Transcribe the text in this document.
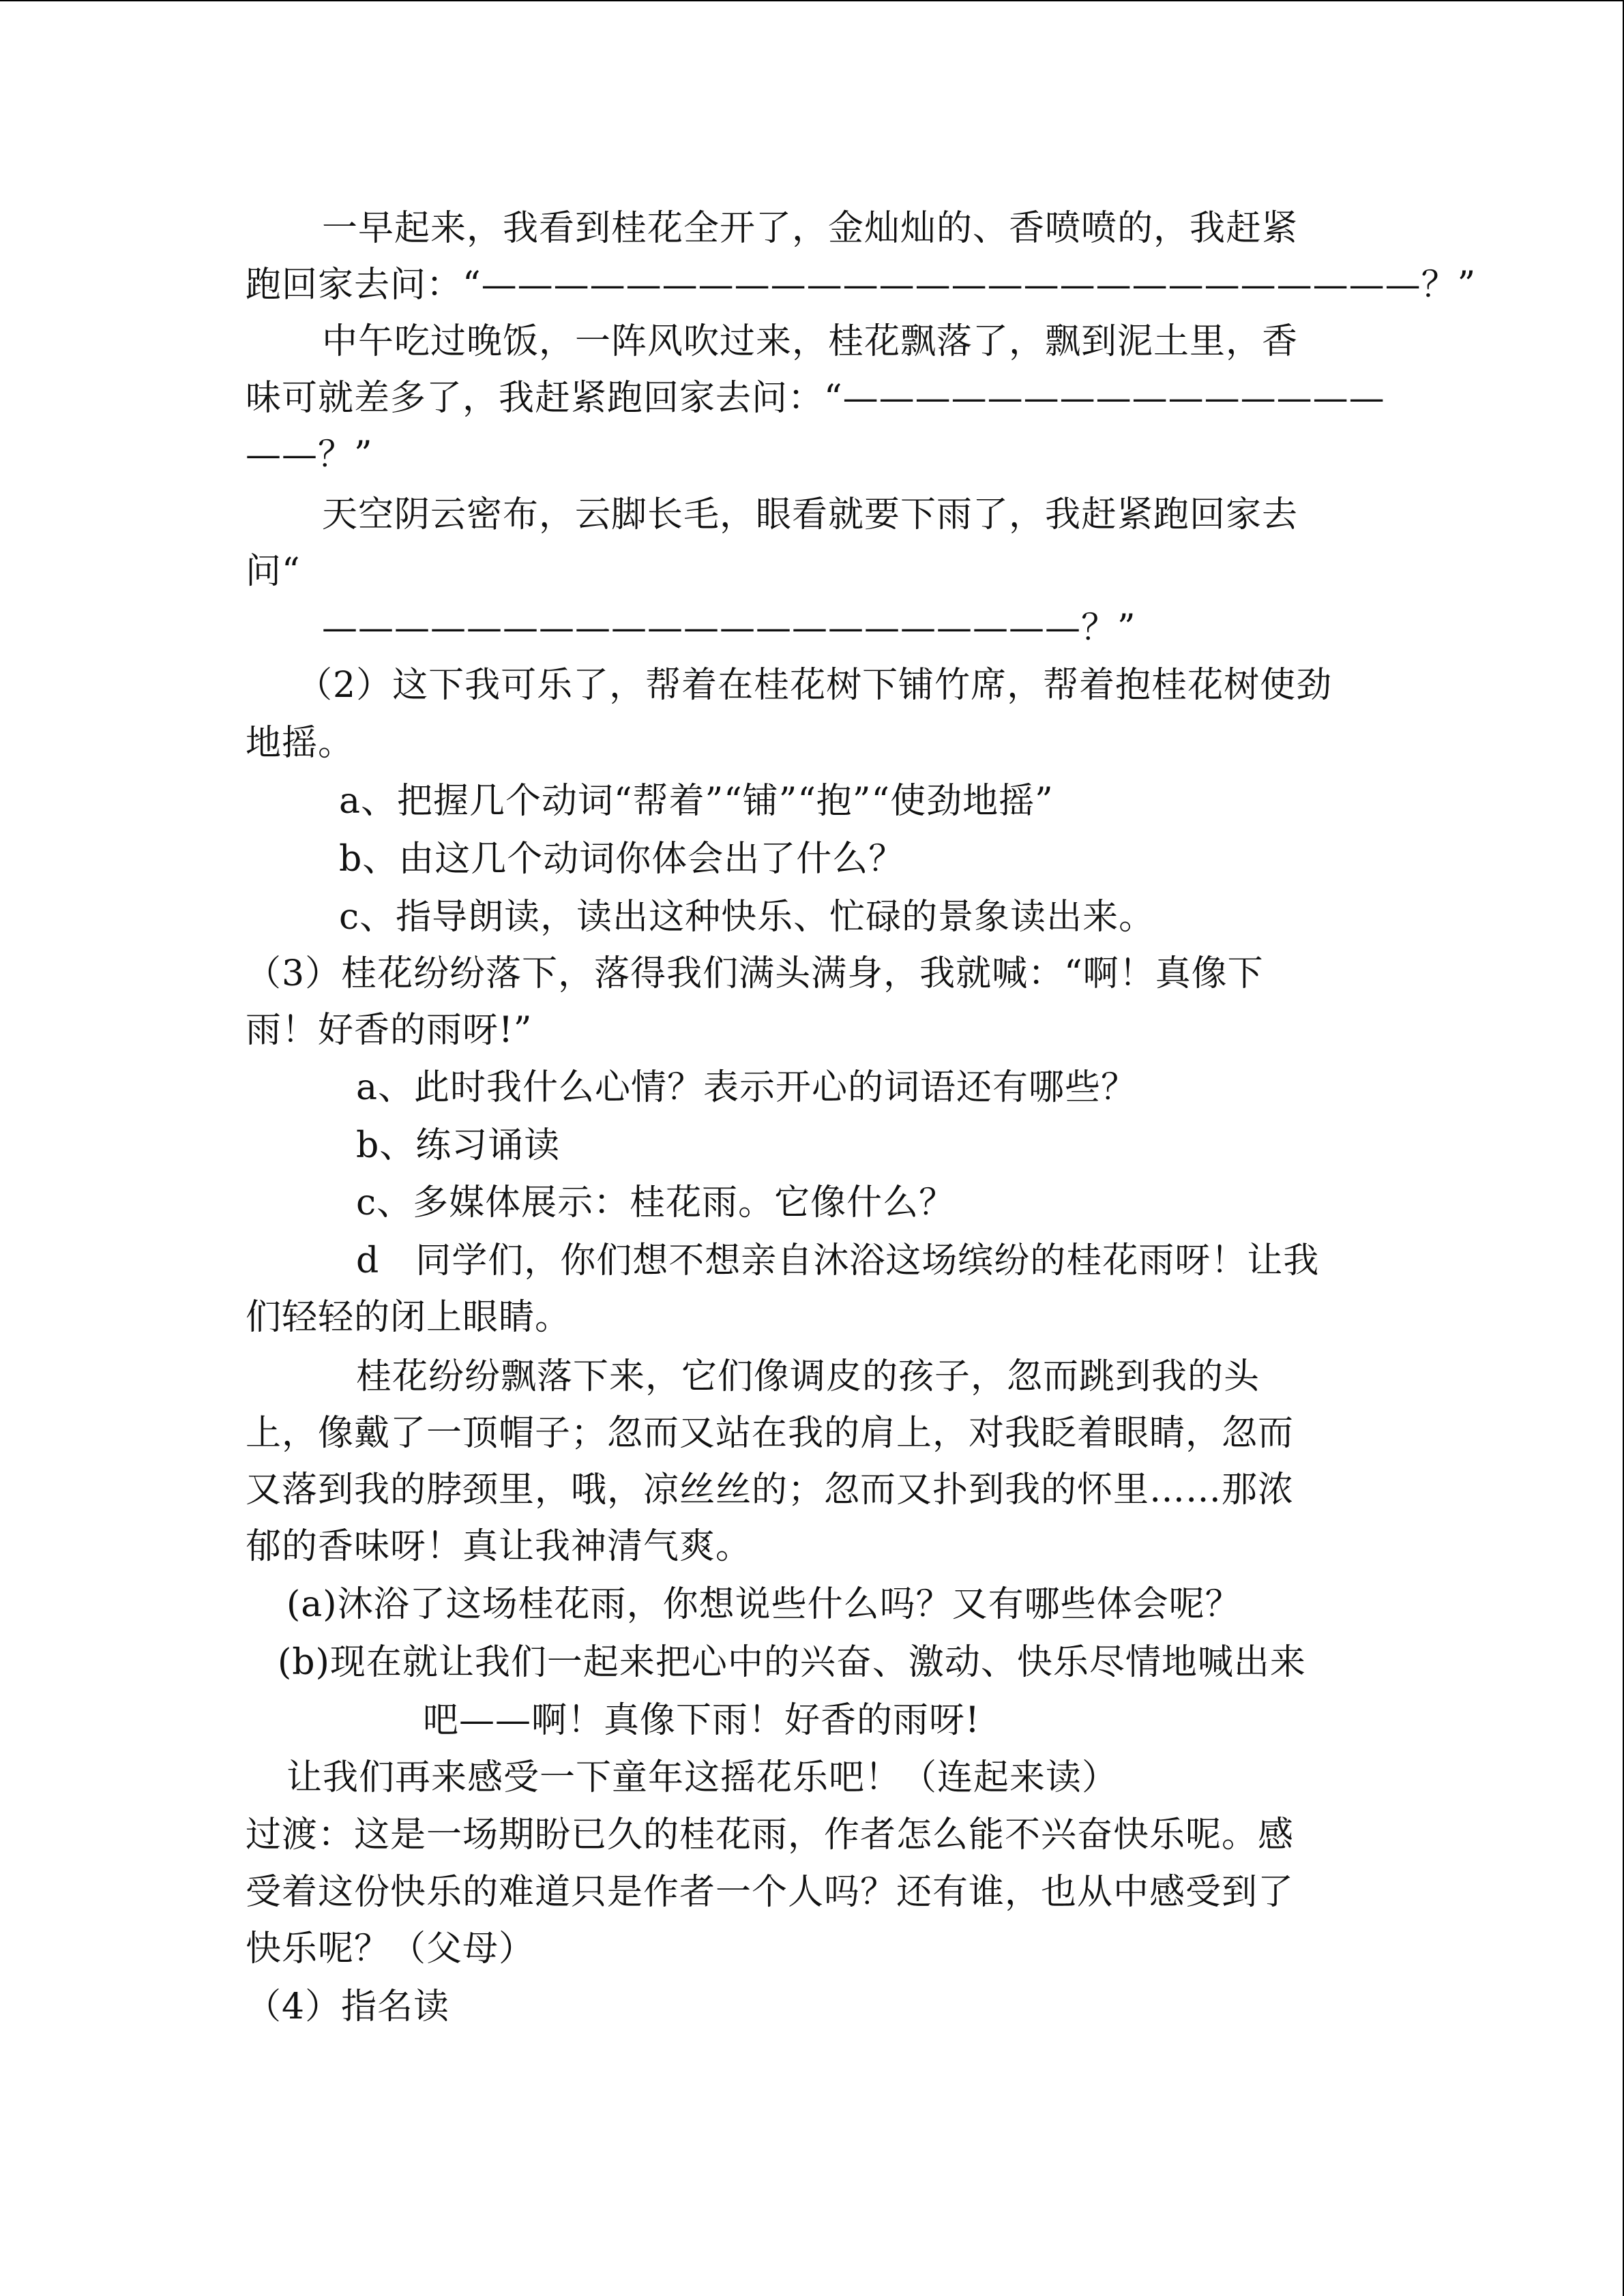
一早起来，我看到桂花全开了，金灿灿的、香喷喷的，我赶紧
跑回家去问：“——————————————————————————？”
中午吃过晚饭，一阵风吹过来，桂花飘落了，飘到泥土里，香
味可就差多了，我赶紧跑回家去问：“———————————————
——？”
天空阴云密布，云脚长毛，眼看就要下雨了，我赶紧跑回家去
问“
—————————————————————？”
（2）这下我可乐了，帮着在桂花树下铺竹席，帮着抱桂花树使劲
地摇。
a、把握几个动词“帮着”“铺”“抱”“使劲地摇”
b、由这几个动词你体会出了什么？
c、指导朗读，读出这种快乐、忙碌的景象读出来。
（3）桂花纷纷落下，落得我们满头满身，我就喊：“啊！真像下
雨！好香的雨呀!”
a、此时我什么心情？表示开心的词语还有哪些？
b、练习诵读
c、多媒体展示：桂花雨。它像什么？
d　同学们，你们想不想亲自沐浴这场缤纷的桂花雨呀！让我
们轻轻的闭上眼睛。
桂花纷纷飘落下来，它们像调皮的孩子，忽而跳到我的头
上，像戴了一顶帽子；忽而又站在我的肩上，对我眨着眼睛，忽而
又落到我的脖颈里，哦，凉丝丝的；忽而又扑到我的怀里……那浓
郁的香味呀！真让我神清气爽。
(a)沐浴了这场桂花雨，你想说些什么吗？又有哪些体会呢？
(b)现在就让我们一起来把心中的兴奋、激动、快乐尽情地喊出来
吧——啊！真像下雨！好香的雨呀!
让我们再来感受一下童年这摇花乐吧！（连起来读）
过渡：这是一场期盼已久的桂花雨，作者怎么能不兴奋快乐呢。感
受着这份快乐的难道只是作者一个人吗？还有谁，也从中感受到了
快乐呢？（父母）
（4）指名读
